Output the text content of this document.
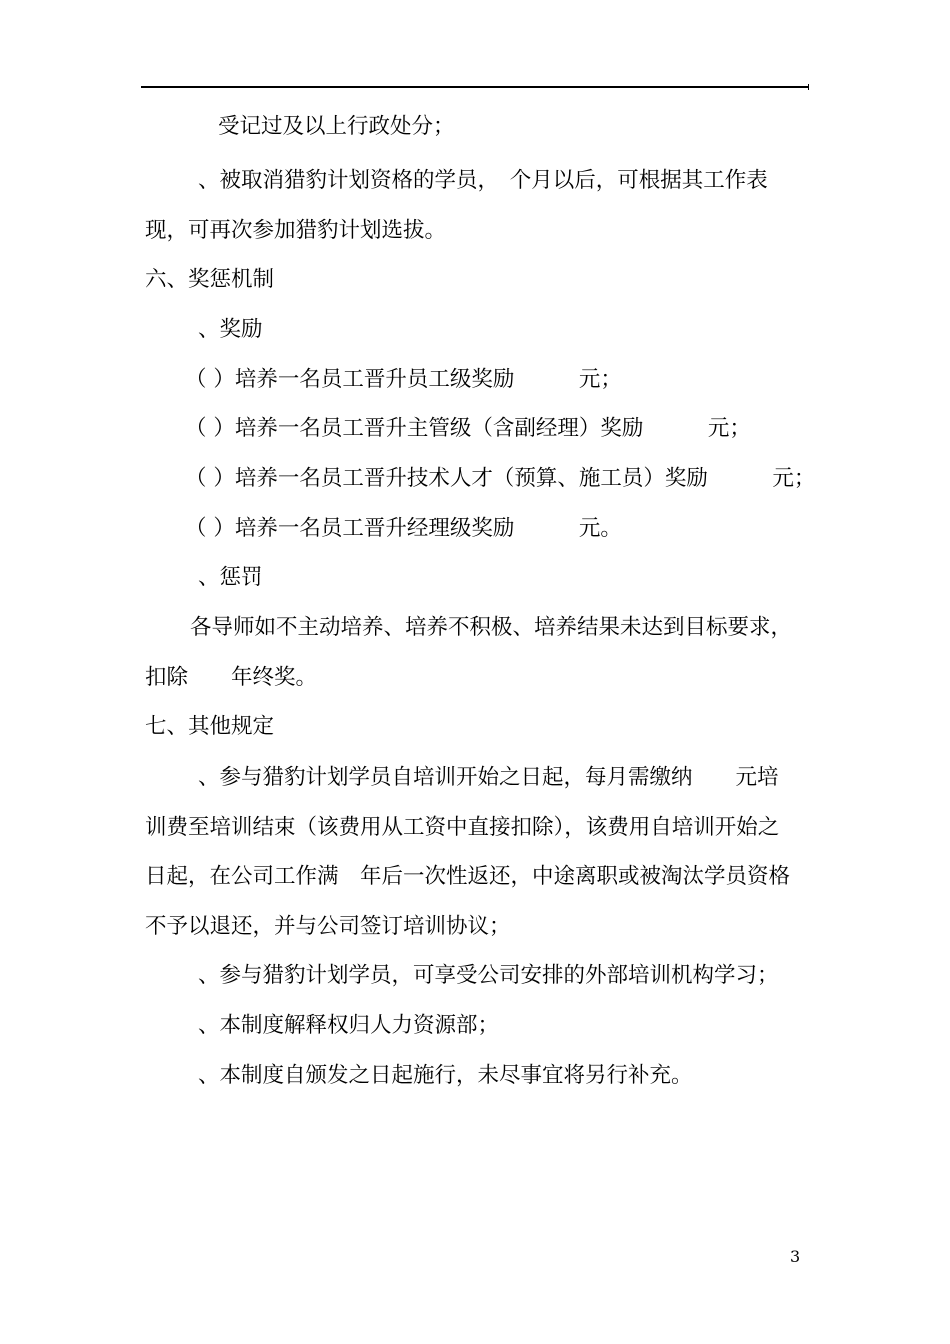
受记过及以上行政处分；
、被取消猎豹计划资格的学员，　个月以后，可根据其工作表
现，可再次参加猎豹计划选拔。
六、奖惩机制
、奖励
（ ）培养一名员工晋升员工级奖励　　　元；
（ ）培养一名员工晋升主管级（含副经理）奖励　　　元；
（ ）培养一名员工晋升技术人才（预算、施工员）奖励　　　元；
（ ）培养一名员工晋升经理级奖励　　　元。
、惩罚
各导师如不主动培养、培养不积极、培养结果未达到目标要求，
扣除　　年终奖。
七、其他规定
、参与猎豹计划学员自培训开始之日起，每月需缴纳　　元培
训费至培训结束（该费用从工资中直接扣除），该费用自培训开始之
日起，在公司工作满　年后一次性返还，中途离职或被淘汰学员资格
不予以退还，并与公司签订培训协议；
、参与猎豹计划学员，可享受公司安排的外部培训机构学习；
、本制度解释权归人力资源部；
、本制度自颁发之日起施行，未尽事宜将另行补充。
3
